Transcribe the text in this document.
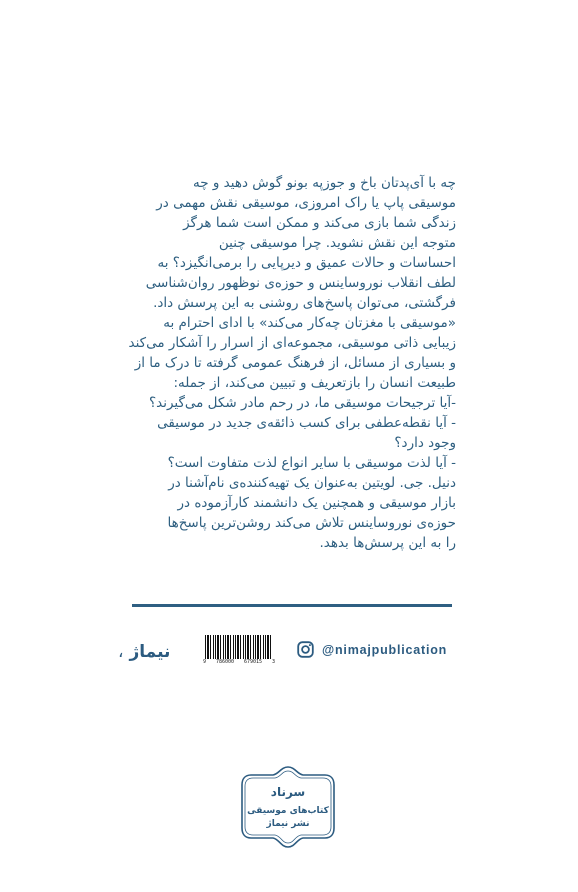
چه با آی‌پدتان باخ و جوزپه بونو گوش دهید و چه
موسیقی پاپ یا راک امروزی، موسیقی نقش مهمی در
زندگی شما بازی می‌کند و ممکن است شما هرگز
متوجه این نقش نشوید. چرا موسیقی چنین
احساسات و حالات عمیق و دیرپایی را برمی‌انگیزد؟ به
لطف انقلاب نوروساینس و حوزه‌ی نوظهور روان‌شناسی
فرگشتی، می‌توان پاسخ‌های روشنی به این پرسش داد.
«موسیقی با مغزتان چه‌کار می‌کند» با ادای احترام به
زیبایی ذاتی موسیقی، مجموعه‌ای از اسرار را آشکار می‌کند
و بسیاری از مسائل، از فرهنگ عمومی گرفته تا درک ما از
طبیعت انسان را بازتعریف و تبیین می‌کند، از جمله:
-آیا ترجیحات موسیقی ما، در رحم مادر شکل می‌گیرند؟
- آیا نقطه‌عطفی برای کسب ذائقه‌ی جدید در موسیقی
وجود دارد؟
- آیا لذت موسیقی با سایر انواع لذت متفاوت است؟
دنیل. جی. لویتین به‌عنوان یک تهیه‌کننده‌ی نام‌آشنا در
بازار موسیقی و همچنین یک دانشمند کارآزموده در
حوزه‌ی نوروساینس تلاش می‌کند روشن‌ترین پاسخ‌ها
را به این پرسش‌ها بدهد.
نیماژ
،	9 786000 679015 3
@nimajpublication
سرناد
کتاب‌های موسیقی
نشر نیماژ
